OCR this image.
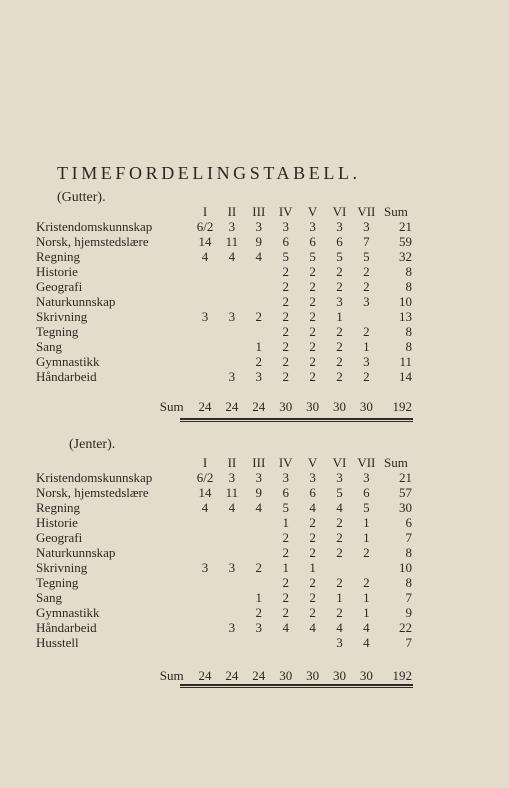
TIMEFORDELINGSTABELL.
(Gutter).
	I	II	III	IV	V	VI	VII	Sum
Kristendomskunnskap	6/2	3	3	3	3	3	3	21
Norsk, hjemstedslære	14	11	9	6	6	6	7	59
Regning	4	4	4	5	5	5	5	32
Historie				2	2	2	2	8
Geografi				2	2	2	2	8
Naturkunnskap				2	2	3	3	10
Skrivning	3	3	2	2	2	1		13
Tegning				2	2	2	2	8
Sang			1	2	2	2	1	8
Gymnastikk			2	2	2	2	3	11
Håndarbeid		3	3	2	2	2	2	14

Sum	24	24	24	30	30	30	30	192
(Jenter).
	I	II	III	IV	V	VI	VII	Sum
Kristendomskunnskap	6/2	3	3	3	3	3	3	21
Norsk, hjemstedslære	14	11	9	6	6	5	6	57
Regning	4	4	4	5	4	4	5	30
Historie				1	2	2	1	6
Geografi				2	2	2	1	7
Naturkunnskap				2	2	2	2	8
Skrivning	3	3	2	1	1			10
Tegning				2	2	2	2	8
Sang			1	2	2	1	1	7
Gymnastikk			2	2	2	2	1	9
Håndarbeid		3	3	4	4	4	4	22
Husstell						3	4	7

Sum	24	24	24	30	30	30	30	192
